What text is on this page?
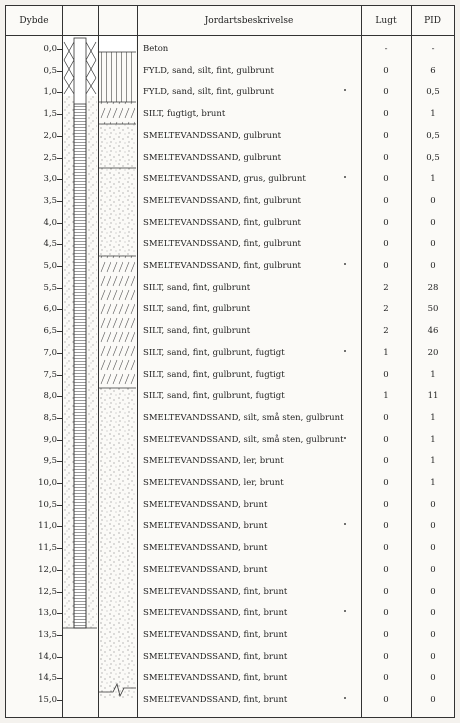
Dybde	Jordartsbeskrivelse	Lugt	PID
0,0	Beton	-	-
0,5	FYLD, sand, silt, fint, gulbrunt	0	6
1,0	FYLD, sand, silt, fint, gulbrunt	0	0,5
1,5	SILT, fugtigt, brunt	0	1
2,0	SMELTEVANDSSAND, gulbrunt	0	0,5
2,5	SMELTEVANDSSAND, gulbrunt	0	0,5
3,0	SMELTEVANDSSAND, grus, gulbrunt	0	1
3,5	SMELTEVANDSSAND, fint, gulbrunt	0	0
4,0	SMELTEVANDSSAND, fint, gulbrunt	0	0
4,5	SMELTEVANDSSAND, fint, gulbrunt	0	0
5,0	SMELTEVANDSSAND, fint, gulbrunt	0	0
5,5	SILT, sand, fint, gulbrunt	2	28
6,0	SILT, sand, fint, gulbrunt	2	50
6,5	SILT, sand, fint, gulbrunt	2	46
7,0	SILT, sand, fint, gulbrunt, fugtigt	1	20
7,5	SILT, sand, fint, gulbrunt, fugtigt	0	1
8,0	SILT, sand, fint, gulbrunt, fugtigt	1	11
8,5	SMELTEVANDSSAND, silt, små sten, gulbrunt	0	1
9,0	SMELTEVANDSSAND, silt, små sten, gulbrunt	0	1
9,5	SMELTEVANDSSAND, ler, brunt	0	1
10,0	SMELTEVANDSSAND, ler, brunt	0	1
10,5	SMELTEVANDSSAND, brunt	0	0
11,0	SMELTEVANDSSAND, brunt	0	0
11,5	SMELTEVANDSSAND, brunt	0	0
12,0	SMELTEVANDSSAND, brunt	0	0
12,5	SMELTEVANDSSAND, fint, brunt	0	0
13,0	SMELTEVANDSSAND, fint, brunt	0	0
13,5	SMELTEVANDSSAND, fint, brunt	0	0
14,0	SMELTEVANDSSAND, fint, brunt	0	0
14,5	SMELTEVANDSSAND, fint, brunt	0	0
15,0	SMELTEVANDSSAND, fint, brunt	0	0
